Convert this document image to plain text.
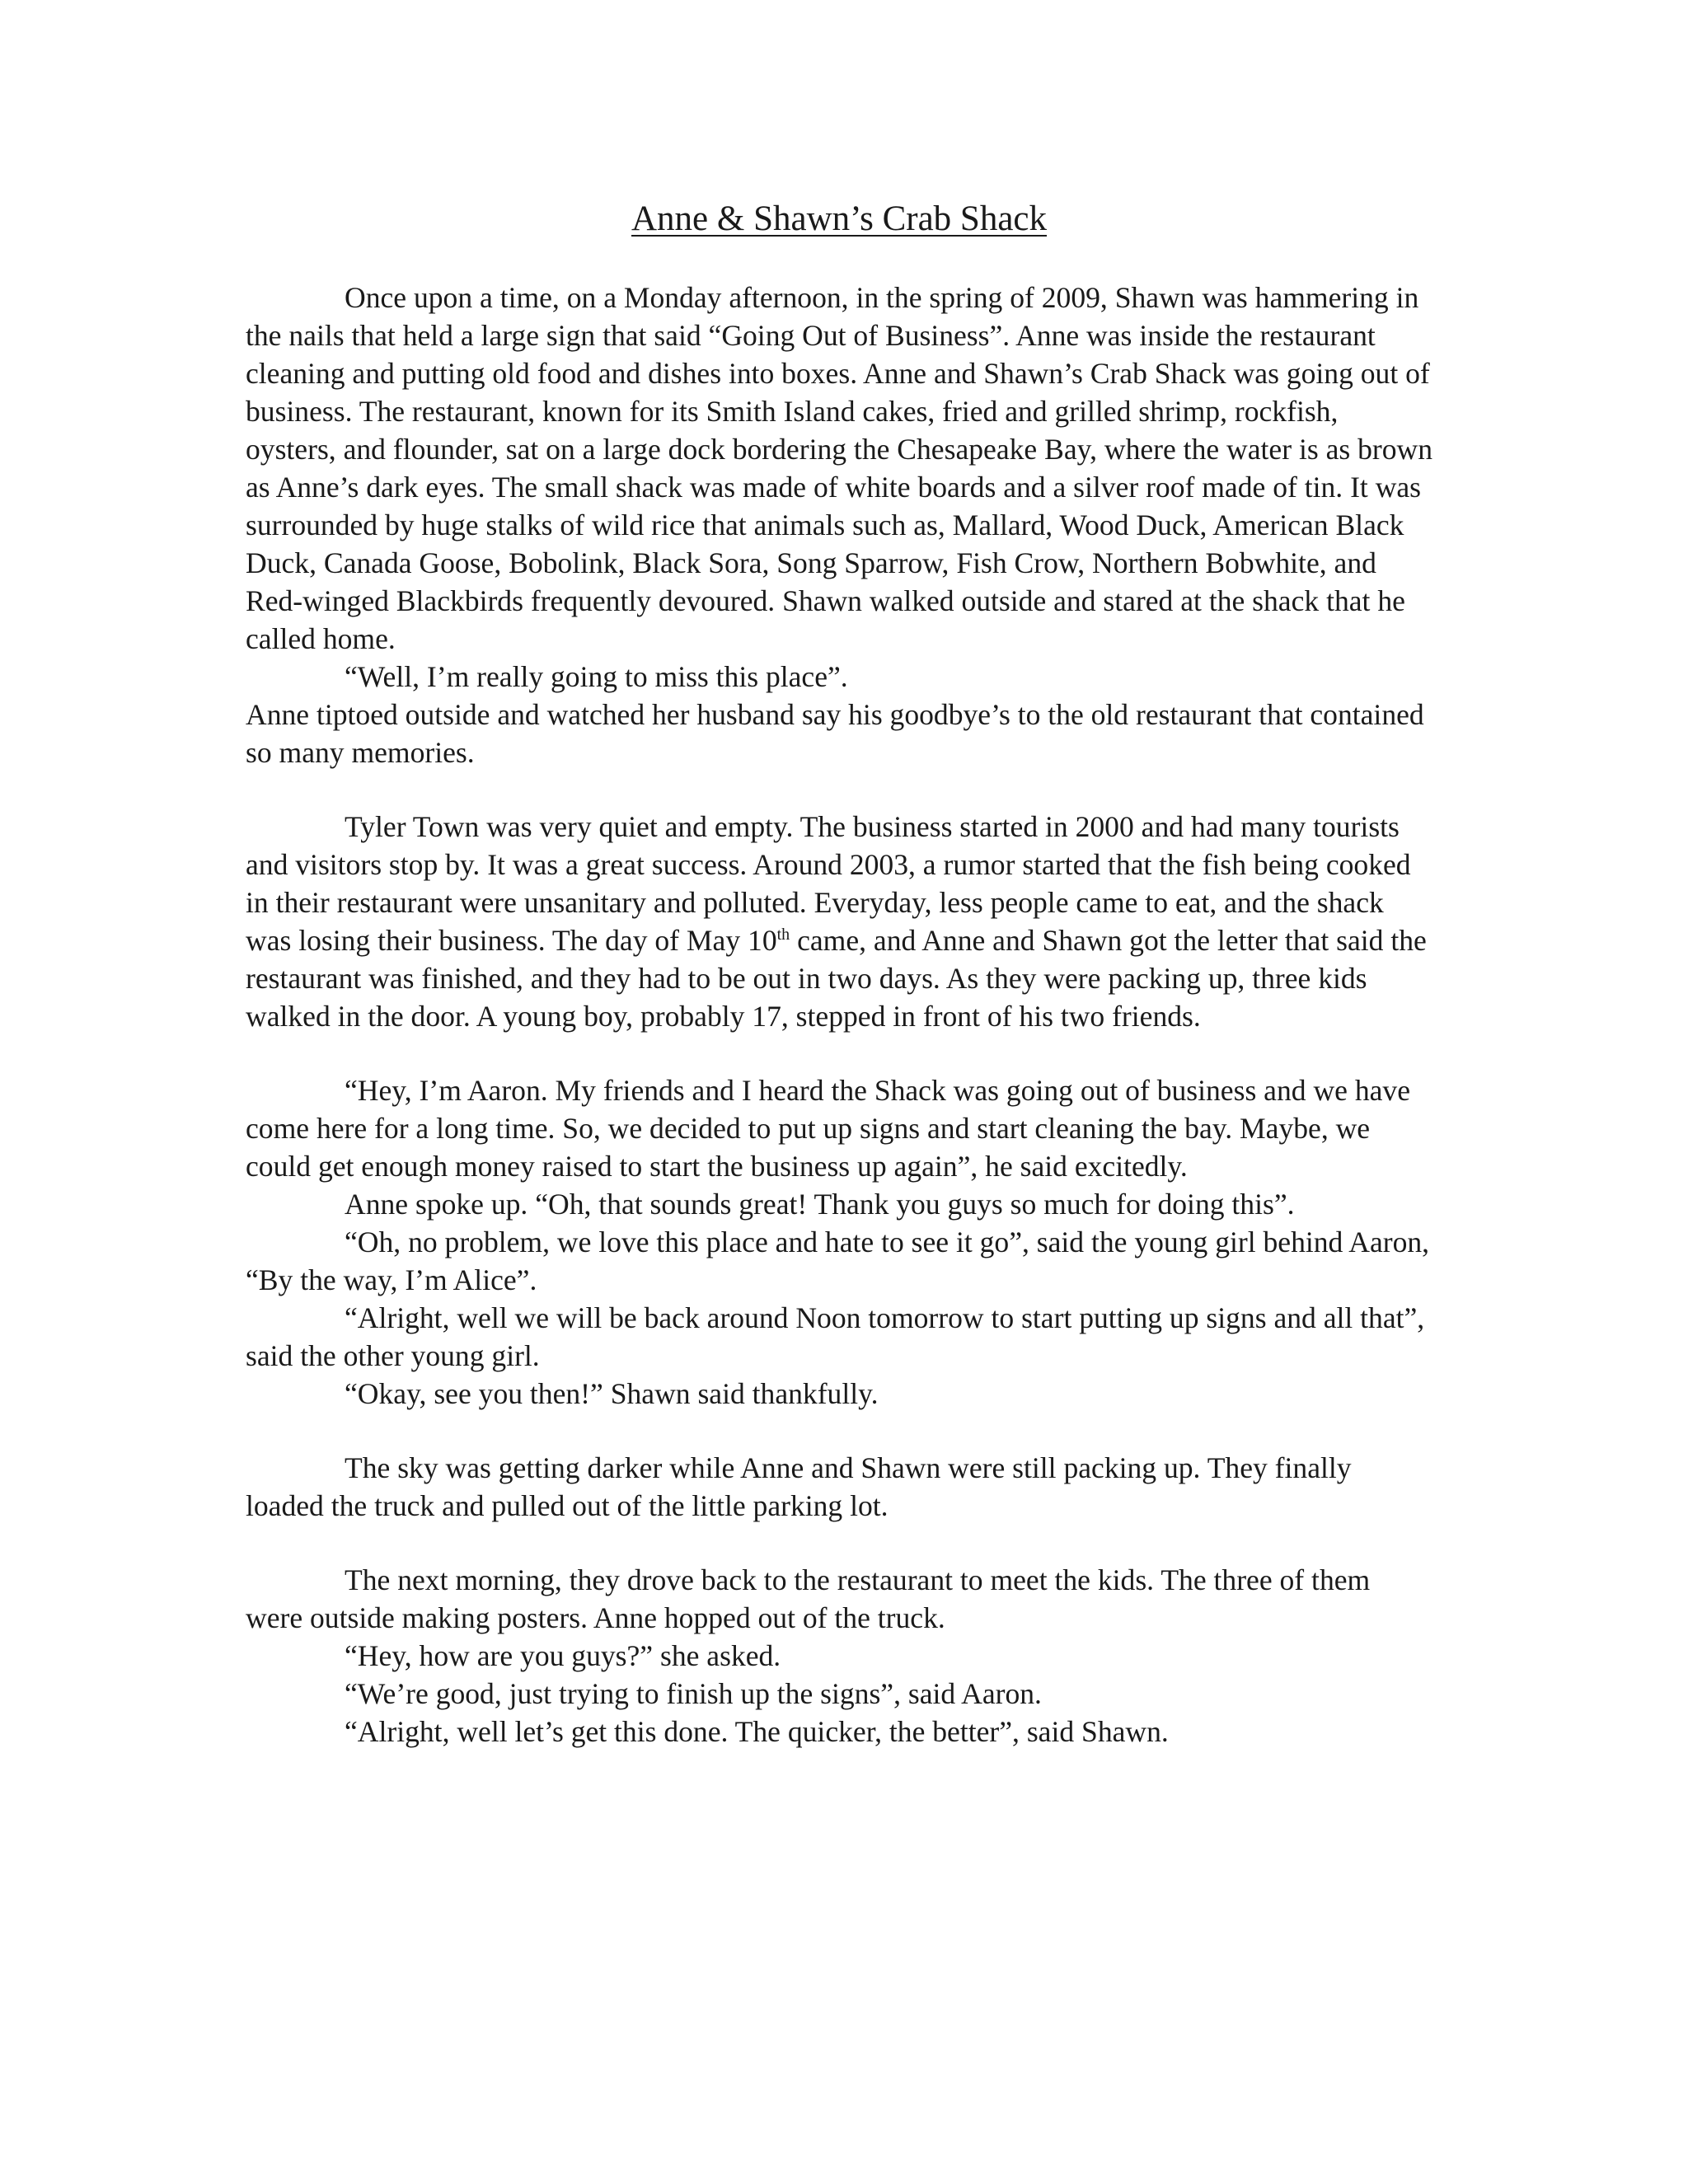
Anne & Shawn’s Crab Shack

Once upon a time, on a Monday afternoon, in the spring of 2009, Shawn was hammering in the nails that held a large sign that said “Going Out of Business”. Anne was inside the restaurant cleaning and putting old food and dishes into boxes. Anne and Shawn’s Crab Shack was going out of business. The restaurant, known for its Smith Island cakes, fried and grilled shrimp, rockfish, oysters, and flounder, sat on a large dock bordering the Chesapeake Bay, where the water is as brown as Anne’s dark eyes. The small shack was made of white boards and a silver roof made of tin. It was surrounded by huge stalks of wild rice that animals such as, Mallard, Wood Duck, American Black Duck, Canada Goose, Bobolink, Black Sora, Song Sparrow, Fish Crow, Northern Bobwhite, and Red-winged Blackbirds frequently devoured. Shawn walked outside and stared at the shack that he called home.

“Well, I’m really going to miss this place”.

Anne tiptoed outside and watched her husband say his goodbye’s to the old restaurant that contained so many memories.

Tyler Town was very quiet and empty. The business started in 2000 and had many tourists and visitors stop by. It was a great success. Around 2003, a rumor started that the fish being cooked in their restaurant were unsanitary and polluted. Everyday, less people came to eat, and the shack was losing their business. The day of May 10th came, and Anne and Shawn got the letter that said the restaurant was finished, and they had to be out in two days. As they were packing up, three kids walked in the door. A young boy, probably 17, stepped in front of his two friends.

“Hey, I’m Aaron. My friends and I heard the Shack was going out of business and we have come here for a long time. So, we decided to put up signs and start cleaning the bay. Maybe, we could get enough money raised to start the business up again”, he said excitedly.

Anne spoke up. “Oh, that sounds great! Thank you guys so much for doing this”.

“Oh, no problem, we love this place and hate to see it go”, said the young girl behind Aaron, “By the way, I’m Alice”.

“Alright, well we will be back around Noon tomorrow to start putting up signs and all that”, said the other young girl.

“Okay, see you then!” Shawn said thankfully.

The sky was getting darker while Anne and Shawn were still packing up. They finally loaded the truck and pulled out of the little parking lot.

The next morning, they drove back to the restaurant to meet the kids. The three of them were outside making posters. Anne hopped out of the truck.

“Hey, how are you guys?” she asked.

“We’re good, just trying to finish up the signs”, said Aaron.

“Alright, well let’s get this done. The quicker, the better”, said Shawn.
